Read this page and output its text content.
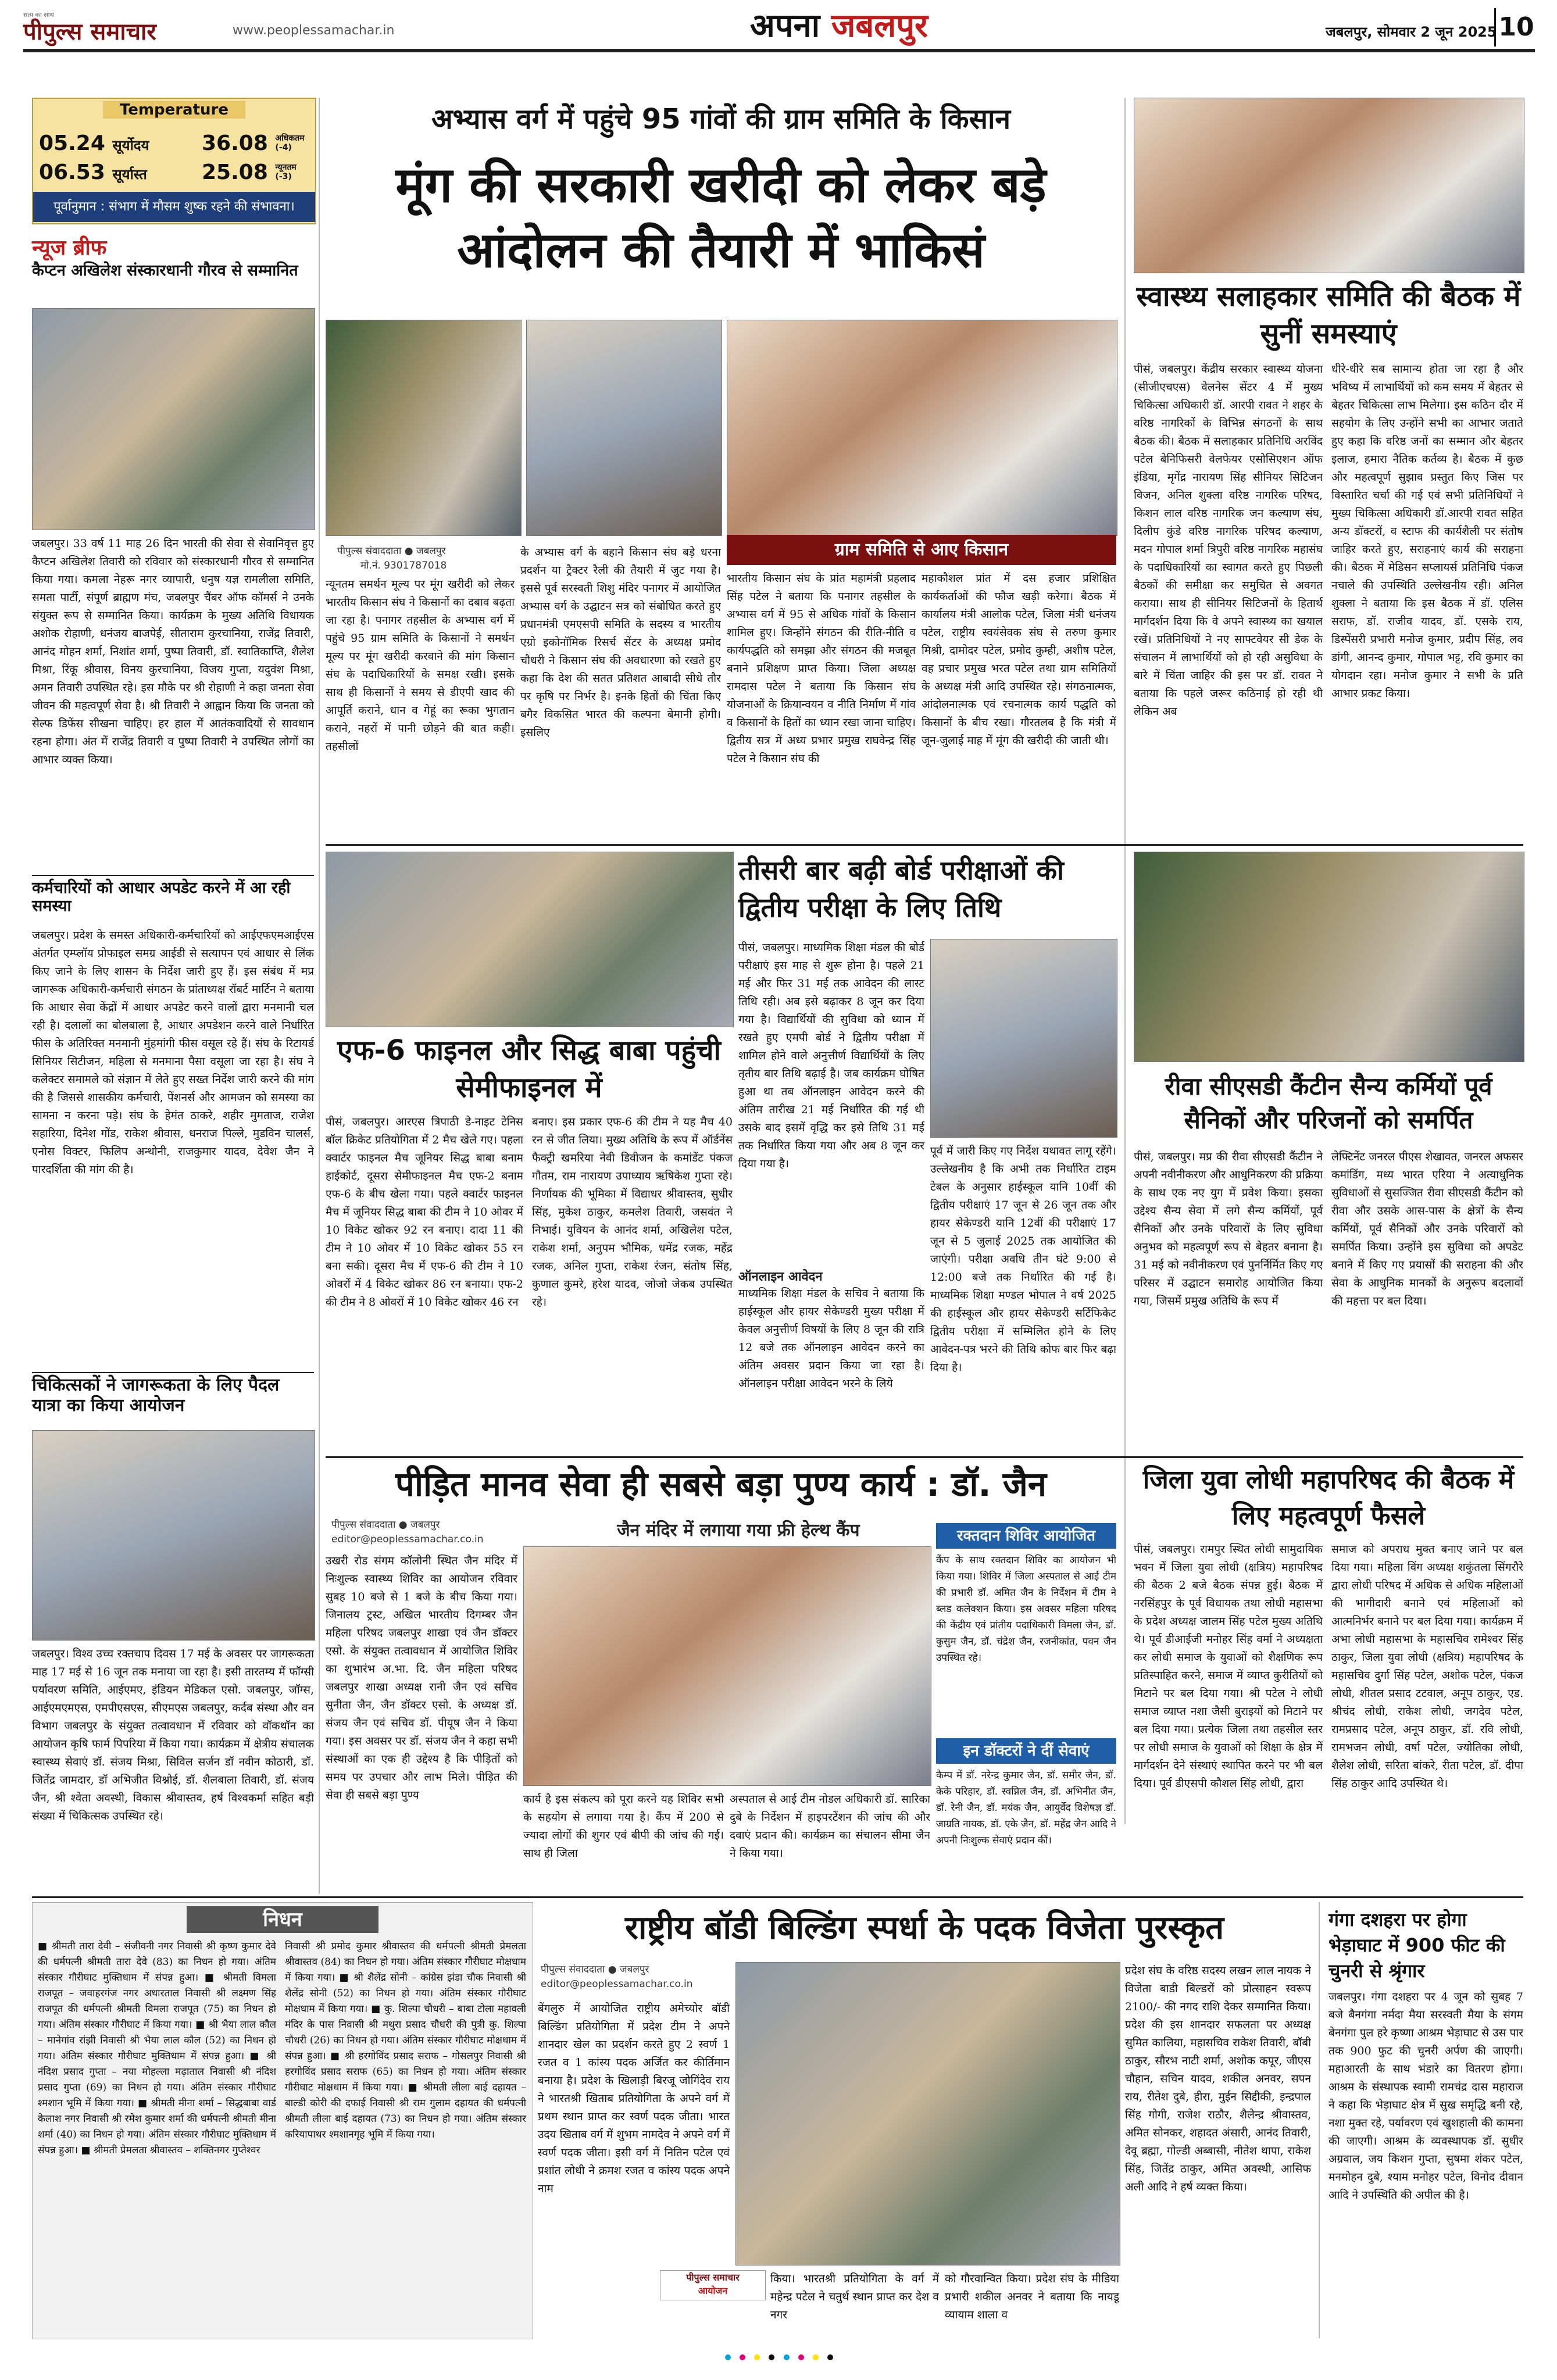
सत्य का साथ
पीपुल्स समाचार	www.peoplessamachar.in	अपना जबलपुर	जबलपुर, सोमवार 2 जून 2025 10
Temperature
05.24 सूर्योदय
06.53 सूर्यास्त
36.08 अधिकतम (-4)
25.08 न्यूनतम (-3)
पूर्वानुमान : संभाग में मौसम शुष्क रहने की संभावना।
न्यूज ब्रीफ
कैप्टन अखिलेश संस्कारधानी गौरव से सम्मानित
जबलपुर। 33 वर्ष 11 माह 26 दिन भारती की सेवा से सेवानिवृत्त हुए कैप्टन अखिलेश तिवारी को रविवार को संस्कारधानी गौरव से सम्मानित किया गया। कमला नेहरू नगर व्यापारी, धनुष यज्ञ रामलीला समिति, समता पार्टी, संपूर्ण ब्राह्मण मंच, जबलपुर चैंबर ऑफ कॉमर्स ने उनके संयुक्त रूप से सम्मानित किया। कार्यक्रम के मुख्य अतिथि विधायक अशोक रोहाणी, धनंजय बाजपेई, सीताराम कुरचानिया, राजेंद्र तिवारी, आनंद मोहन शर्मा, निशांत शर्मा, पुष्पा तिवारी, डॉ. स्वातिकाप्ति, शैलेश मिश्रा, रिंकू श्रीवास, विनय कुरचानिया, विजय गुप्ता, यदुवंश मिश्रा, अमन तिवारी उपस्थित रहे। इस मौके पर श्री रोहाणी ने कहा जनता सेवा जीवन की महत्वपूर्ण सेवा है। श्री तिवारी ने आह्वान किया कि जनता को सेल्फ डिफेंस सीखना चाहिए। हर हाल में आतंकवादियों से सावधान रहना होगा। अंत में राजेंद्र तिवारी व पुष्पा तिवारी ने उपस्थित लोगों का आभार व्यक्त किया।
कर्मचारियों को आधार अपडेट करने में आ रही समस्या
जबलपुर। प्रदेश के समस्त अधिकारी-कर्मचारियों को आईएफएमआईएस अंतर्गत एम्प्लॉय प्रोफाइल समग्र आईडी से सत्यापन एवं आधार से लिंक किए जाने के लिए शासन के निर्देश जारी हुए हैं। इस संबंध में मप्र जागरूक अधिकारी-कर्मचारी संगठन के प्रांताध्यक्ष रॉबर्ट मार्टिन ने बताया कि आधार सेवा केंद्रों में आधार अपडेट करने वालों द्वारा मनमानी चल रही है। दलालों का बोलबाला है, आधार अपडेशन करने वाले निर्धारित फीस के अतिरिक्त मनमानी मुंहमांगी फीस वसूल रहे हैं। संघ के रिटायर्ड सिनियर सिटीजन, महिला से मनमाना पैसा वसूला जा रहा है। संघ ने कलेक्टर समामले को संज्ञान में लेते हुए सख्त निर्देश जारी करने की मांग की है जिससे शासकीय कर्मचारी, पेंशनर्स और आमजन को समस्या का सामना न करना पड़े। संघ के हेमंत ठाकरे, शहीर मुमताज, राजेश सहारिया, दिनेश गोंड, राकेश श्रीवास, धनराज पिल्ले, मुडविन चालर्स, एनोस विक्टर, फिलिप अन्थोनी, राजकुमार यादव, देवेश जैन ने पारदर्शिता की मांग की है।
चिकित्सकों ने जागरूकता के लिए पैदल यात्रा का किया आयोजन
जबलपुर। विश्व उच्च रक्तचाप दिवस 17 मई के अवसर पर जागरूकता माह 17 मई से 16 जून तक मनाया जा रहा है। इसी तारतम्य में फॉग्सी पर्यावरण समिति, आईएमए, इंडियन मेडिकल एसो. जबलपुर, जॉग्स, आईएमएमएस, एमपीएसएस, सीएमएस जबलपुर, कर्दब संस्था और वन विभाग जबलपुर के संयुक्त तत्वावधान में रविवार को वॉकथॉन का आयोजन कृषि फार्म पिपरिया में किया गया। कार्यक्रम में क्षेत्रीय संचालक स्वास्थ्य सेवाएं डॉ. संजय मिश्रा, सिविल सर्जन डॉ नवीन कोठारी, डॉ. जितेंद्र जामदार, डॉ अभिजीत विश्नोई, डॉ. शैलबाला तिवारी, डॉ. संजय जैन, श्री श्वेता अवस्थी, विकास श्रीवास्तव, हर्ष विश्वकर्मा सहित बड़ी संख्या में चिकित्सक उपस्थित रहे।
अभ्यास वर्ग में पहुंचे 95 गांवों की ग्राम समिति के किसान
मूंग की सरकारी खरीदी को लेकर बड़े आंदोलन की तैयारी में भाकिसं
ग्राम समिति से आए किसान
पीपुल्स संवाददाता ● जबलपुर
मो.नं. 9301787018
न्यूनतम समर्थन मूल्य पर मूंग खरीदी को लेकर भारतीय किसान संघ ने किसानों का दबाव बढ़ता जा रहा है। पनागर तहसील के अभ्यास वर्ग में पहुंचे 95 ग्राम समिति के किसानों ने समर्थन मूल्य पर मूंग खरीदी करवाने की मांग किसान संघ के पदाधिकारियों के समक्ष रखी। इसके साथ ही किसानों ने समय से डीएपी खाद की आपूर्ति कराने, धान व गेहूं का रूका भुगतान कराने, नहरों में पानी छोड़ने की बात कही। तहसीलों
के अभ्यास वर्ग के बहाने किसान संघ बड़े धरना प्रदर्शन या ट्रैक्टर रैली की तैयारी में जुट गया है। इससे पूर्व सरस्वती शिशु मंदिर पनागर में आयोजित अभ्यास वर्ग के उद्घाटन सत्र को संबोधित करते हुए प्रधानमंत्री एमएसपी समिति के सदस्य व भारतीय एग्रो इकोनॉमिक रिसर्च सेंटर के अध्यक्ष प्रमोद चौधरी ने किसान संघ की अवधारणा को रखते हुए कहा कि देश की सतत प्रतिशत आबादी सीधे तौर पर कृषि पर निर्भर है। इनके हितों की चिंता किए बगैर विकसित भारत की कल्पना बेमानी होगी। इसलिए
भारतीय किसान संघ के प्रांत महामंत्री प्रहलाद सिंह पटेल ने बताया कि पनागर तहसील के अभ्यास वर्ग में 95 से अधिक गांवों के किसान शामिल हुए। जिन्होंने संगठन की रीति-नीति व कार्यपद्धति को समझा और संगठन की मजबूत बनाने प्रशिक्षण प्राप्त किया। जिला अध्यक्ष रामदास पटेल ने बताया कि किसान संघ योजनाओं के क्रियान्वयन व नीति निर्माण में गांव व किसानों के हितों का ध्यान रखा जाना चाहिए। द्वितीय सत्र में अध्य प्रभार प्रमुख राघवेन्द्र सिंह पटेल ने किसान संघ की
महाकौशल प्रांत में दस हजार प्रशिक्षित कार्यकर्ताओं की फौज खड़ी करेगा। बैठक में कार्यालय मंत्री आलोक पटेल, जिला मंत्री धनंजय पटेल, राष्ट्रीय स्वयंसेवक संघ से तरुण कुमार मिश्री, दामोदर पटेल, प्रमोद कुम्ही, अशीष पटेल, वह प्रचार प्रमुख भरत पटेल तथा ग्राम समितियों के अध्यक्ष मंत्री आदि उपस्थित रहे। संगठनात्मक, आंदोलनात्मक एवं रचनात्मक कार्य पद्धति को किसानों के बीच रखा। गौरतलब है कि मंत्री में जून-जुलाई माह में मूंग की खरीदी की जाती थी।
स्वास्थ्य सलाहकार समिति की बैठक में सुनीं समस्याएं
पीसं, जबलपुर। केंद्रीय सरकार स्वास्थ्य योजना (सीजीएचएस) वेलनेस सेंटर 4 में मुख्य चिकित्सा अधिकारी डॉ. आरपी रावत ने शहर के वरिष्ठ नागरिकों के विभिन्न संगठनों के साथ बैठक की। बैठक में सलाहकार प्रतिनिधि अरविंद पटेल बेनिफिसरी वेलफेयर एसोसिएशन ऑफ इंडिया, मृगेंद्र नारायण सिंह सीनियर सिटिजन विजन, अनिल शुक्ला वरिष्ठ नागरिक परिषद, किशन लाल वरिष्ठ नागरिक जन कल्याण संघ, दिलीप कुंडे वरिष्ठ नागरिक परिषद कल्याण, मदन गोपाल शर्मा त्रिपुरी वरिष्ठ नागरिक महासंघ के पदाधिकारियों का स्वागत करते हुए पिछली बैठकों की समीक्षा कर समुचित से अवगत कराया। साथ ही सीनियर सिटिजनों के हितार्थ मार्गदर्शन दिया कि वे अपने स्वास्थ्य का खयाल रखें। प्रतिनिधियों ने नए साफ्टवेयर सी डेक के संचालन में लाभार्थियों को हो रही असुविधा के बारे में चिंता जाहिर की इस पर डॉ. रावत ने बताया कि पहले जरूर कठिनाई हो रही थी लेकिन अब
धीरे-धीरे सब सामान्य होता जा रहा है और भविष्य में लाभार्थियों को कम समय में बेहतर से बेहतर चिकित्सा लाभ मिलेगा। इस कठिन दौर में सहयोग के लिए उन्होंने सभी का आभार जताते हुए कहा कि वरिष्ठ जनों का सम्मान और बेहतर इलाज, हमारा नैतिक कर्तव्य है। बैठक में कुछ और महत्वपूर्ण सुझाव प्रस्तुत किए जिस पर विस्तारित चर्चा की गई एवं सभी प्रतिनिधियों ने मुख्य चिकित्सा अधिकारी डॉ.आरपी रावत सहित अन्य डॉक्टरों, व स्टाफ की कार्यशैली पर संतोष जाहिर करते हुए, सराहनाएं कार्य की सराहना की। बैठक में मेडिसन सप्लायर्स प्रतिनिधि पंकज नचाले की उपस्थिति उल्लेखनीय रही। अनिल शुक्ला ने बताया कि इस बैठक में डॉ. एलिस सराफ, डॉ. राजीव यादव, डॉ. एसके राय, डिस्पेंसरी प्रभारी मनोज कुमार, प्रदीप सिंह, लव डांगी, आनन्द कुमार, गोपाल भट्ट, रवि कुमार का योगदान रहा। मनोज कुमार ने सभी के प्रति आभार प्रकट किया।
एफ-6 फाइनल और सिद्ध बाबा पहुंची सेमीफाइनल में
पीसं, जबलपुर। आरएस त्रिपाठी डे-नाइट टेनिस बॉल क्रिकेट प्रतियोगिता में 2 मैच खेले गए। पहला क्वार्टर फाइनल मैच जूनियर सिद्ध बाबा बनाम हाईकोर्ट, दूसरा सेमीफाइनल मैच एफ-2 बनाम एफ-6 के बीच खेला गया। पहले क्वार्टर फाइनल मैच में जूनियर सिद्ध बाबा की टीम ने 10 ओवर में 10 विकेट खोकर 92 रन बनाए। दादा 11 की टीम ने 10 ओवर में 10 विकेट खोकर 55 रन बना सकी। दूसरा मैच में एफ-6 की टीम ने 10 ओवरों में 4 विकेट खोकर 86 रन बनाया। एफ-2 की टीम ने 8 ओवरों में 10 विकेट खोकर 46 रन
बनाए। इस प्रकार एफ-6 की टीम ने यह मैच 40 रन से जीत लिया। मुख्य अतिथि के रूप में ऑर्डनेंस फैक्ट्री खमरिया नेवी डिवीजन के कमांडेंट पंकज गौतम, राम नारायण उपाध्याय ऋषिकेश गुप्ता रहे। निर्णायक की भूमिका में विद्याधर श्रीवास्तव, सुधीर सिंह, मुकेश ठाकुर, कमलेश तिवारी, जसवंत ने निभाई। युवियन के आनंद शर्मा, अखिलेश पटेल, राकेश शर्मा, अनुपम भौमिक, धमेंद्र रजक, महेंद्र रजक, अनिल गुप्ता, राकेश रंजन, संतोष सिंह, कुणाल कुमरे, हरेश यादव, जोजो जेकब उपस्थित रहे।
तीसरी बार बढ़ी बोर्ड परीक्षाओं की द्वितीय परीक्षा के लिए तिथि
पीसं, जबलपुर। माध्यमिक शिक्षा मंडल की बोर्ड परीक्षाएं इस माह से शुरू होना है। पहले 21 मई और फिर 31 मई तक आवेदन की लास्ट तिथि रही। अब इसे बढ़ाकर 8 जून कर दिया गया है। विद्यार्थियों की सुविधा को ध्यान में रखते हुए एमपी बोर्ड ने द्वितीय परीक्षा में शामिल होने वाले अनुत्तीर्ण विद्यार्थियों के लिए तृतीय बार तिथि बढ़ाई है। जब कार्यक्रम घोषित हुआ था तब ऑनलाइन आवेदन करने की अंतिम तारीख 21 मई निर्धारित की गई थी उसके बाद इसमें वृद्धि कर इसे तिथि 31 मई तक निर्धारित किया गया और अब 8 जून कर दिया गया है।
ऑनलाइन आवेदन
माध्यमिक शिक्षा मंडल के सचिव ने बताया कि हाईस्कूल और हायर सेकेण्डरी मुख्य परीक्षा में केवल अनुत्तीर्ण विषयों के लिए 8 जून की रात्रि 12 बजे तक ऑनलाइन आवेदन करने का अंतिम अवसर प्रदान किया जा रहा है। ऑनलाइन परीक्षा आवेदन भरने के लिये
पूर्व में जारी किए गए निर्देश यथावत लागू रहेंगे। उल्लेखनीय है कि अभी तक निर्धारित टाइम टेबल के अनुसार हाईस्कूल यानि 10वीं की द्वितीय परीक्षाएं 17 जून से 26 जून तक और हायर सेकेण्डरी यानि 12वीं की परीक्षाएं 17 जून से 5 जुलाई 2025 तक आयोजित की जाएंगी। परीक्षा अवधि तीन घंटे 9:00 से 12:00 बजे तक निर्धारित की गई है। माध्यमिक शिक्षा मण्डल भोपाल ने वर्ष 2025 की हाईस्कूल और हायर सेकेण्डरी सर्टिफिकेट द्वितीय परीक्षा में सम्मिलित होने के लिए आवेदन-पत्र भरने की तिथि कोफ बार फिर बढ़ा दिया है।
रीवा सीएसडी कैंटीन सैन्य कर्मियों पूर्व सैनिकों और परिजनों को समर्पित
पीसं, जबलपुर। मप्र की रीवा सीएसडी कैंटीन ने अपनी नवीनीकरण और आधुनिकरण की प्रक्रिया के साथ एक नए युग में प्रवेश किया। इसका उद्देश्य सैन्य सेवा में लगे सैन्य कर्मियों, पूर्व सैनिकों और उनके परिवारों के लिए सुविधा अनुभव को महत्वपूर्ण रूप से बेहतर बनाना है। 31 मई को नवीनीकरण एवं पुनर्निर्मित किए गए परिसर में उद्घाटन समारोह आयोजित किया गया, जिसमें प्रमुख अतिथि के रूप में
लेफ्टिनेंट जनरल पीएस शेखावत, जनरल अफसर कमांडिंग, मध्य भारत एरिया ने अत्याधुनिक सुविधाओं से सुसज्जित रीवा सीएसडी कैंटीन को रीवा और उसके आस-पास के क्षेत्रों के सैन्य कर्मियों, पूर्व सैनिकों और उनके परिवारों को समर्पित किया। उन्होंने इस सुविधा को अपडेट बनाने में किए गए प्रयासों की सराहना की और सेवा के आधुनिक मानकों के अनुरूप बदलावों की महत्ता पर बल दिया।
पीड़ित मानव सेवा ही सबसे बड़ा पुण्य कार्य : डॉ. जैन
पीपुल्स संवाददाता ● जबलपुर
editor@peoplessamachar.co.in	जैन मंदिर में लगाया गया फ्री हेल्थ कैंप
उखरी रोड संगम कॉलोनी स्थित जैन मंदिर में निःशुल्क स्वास्थ्य शिविर का आयोजन रविवार सुबह 10 बजे से 1 बजे के बीच किया गया। जिनालय ट्रस्ट, अखिल भारतीय दिगम्बर जैन महिला परिषद जबलपुर शाखा एवं जैन डॉक्टर एसो. के संयुक्त तत्वावधान में आयोजित शिविर का शुभारंभ अ.भा. दि. जैन महिला परिषद जबलपुर शाखा अध्यक्ष रानी जैन एवं सचिव सुनीता जैन, जैन डॉक्टर एसो. के अध्यक्ष डॉ. संजय जैन एवं सचिव डॉ. पीयूष जैन ने किया गया। इस अवसर पर डॉ. संजय जैन ने कहा सभी संस्थाओं का एक ही उद्देश्य है कि पीड़ितों को समय पर उपचार और लाभ मिले। पीड़ित की सेवा ही सबसे बड़ा पुण्य	कार्य है इस संकल्प को पूरा करने यह शिविर सभी के सहयोग से लगाया गया है। कैंप में 200 से ज्यादा लोगों की शुगर एवं बीपी की जांच की गई। साथ ही जिला
अस्पताल से आई टीम नोडल अधिकारी डॉ. सारिका दुबे के निर्देशन में हाइपरटेंशन की जांच की और दवाएं प्रदान की। कार्यक्रम का संचालन सीमा जैन ने किया गया।
रक्तदान शिविर आयोजित
कैंप के साथ रक्तदान शिविर का आयोजन भी किया गया। शिविर में जिला अस्पताल से आई टीम की प्रभारी डॉ. अमित जैन के निर्देशन में टीम ने ब्लड कलेक्शन किया। इस अवसर महिला परिषद की केंद्रीय एवं प्रांतीय पदाधिकारी विमला जैन, डॉ. कुसुम जैन, डॉ. चंद्रेश जैन, रजनीकांत, पवन जैन उपस्थित रहे।
इन डॉक्टरों ने दीं सेवाएं
कैम्प में डॉ. नरेन्द्र कुमार जैन, डॉ. समीर जैन, डॉ. केके परिहार, डॉ. स्वप्निल जैन, डॉ. अभिनीत जैन, डॉ. रेनी जैन, डॉ. मयंक जैन, आयुर्वेद विशेषज्ञ डॉ. जाग्रति नायक, डॉ. एके जैन, डॉ. महेंद्र जैन आदि ने अपनी निःशुल्क सेवाएं प्रदान कीं।
जिला युवा लोधी महापरिषद की बैठक में लिए महत्वपूर्ण फैसले
पीसं, जबलपुर। रामपुर स्थित लोधी सामुदायिक भवन में जिला युवा लोधी (क्षत्रिय) महापरिषद की बैठक 2 बजे बैठक संपन्न हुई। बैठक में नरसिंहपुर के पूर्व विधायक तथा लोधी महासभा के प्रदेश अध्यक्ष जालम सिंह पटेल मुख्य अतिथि थे। पूर्व डीआईजी मनोहर सिंह वर्मा ने अध्यक्षता कर लोधी समाज के युवाओं को शैक्षणिक रूप प्रतिस्पाहित करने, समाज में व्याप्त कुरीतियों को मिटाने पर बल दिया गया। श्री पटेल ने लोधी समाज व्याप्त नशा जैसी बुराइयों को मिटाने पर बल दिया गया। प्रत्येक जिला तथा तहसील स्तर पर लोधी समाज के युवाओं को शिक्षा के क्षेत्र में मार्गदर्शन देने संस्थाएं स्थापित करने पर भी बल दिया। पूर्व डीएसपी कौशल सिंह लोधी, द्वारा
समाज को अपराध मुक्त बनाए जाने पर बल दिया गया। महिला विंग अध्यक्ष शकुंतला सिंगरौरे द्वारा लोधी परिषद में अधिक से अधिक महिलाओं की भागीदारी बनाने एवं महिलाओं को आत्मनिर्भर बनाने पर बल दिया गया। कार्यक्रम में अभा लोधी महासभा के महासचिव रामेश्वर सिंह ठाकुर, जिला युवा लोधी (क्षत्रिय) महापरिषद के महासचिव दुर्गा सिंह पटेल, अशोक पटेल, पंकज लोधी, शीतल प्रसाद टटवाल, अनूप ठाकुर, एड. श्रीचंद लोधी, राकेश लोधी, जगदेव पटेल, रामप्रसाद पटेल, अनूप ठाकुर, डॉ. रवि लोधी, रामभजन लोधी, वर्षा पटेल, ज्योतिका लोधी, शैलेश लोधी, सरिता बांकरे, रीता पटेल, डॉ. दीपा सिंह ठाकुर आदि उपस्थित थे।
निधन
■ श्रीमती तारा देवी – संजीवनी नगर निवासी श्री कृष्ण कुमार देवे की धर्मपत्नी श्रीमती तारा देवे (83) का निधन हो गया। अंतिम संस्कार गौरीघाट मुक्तिधाम में संपन्न हुआ। ■ श्रीमती विमला राजपूत – जवाहरगंज नगर अधारताल निवासी श्री लक्ष्मण सिंह राजपूत की धर्मपत्नी श्रीमती विमला राजपूत (75) का निधन हो गया। अंतिम संस्कार गौरीघाट में किया गया। ■ श्री भैया लाल कौल – मानेगांव रांझी निवासी श्री भैया लाल कौल (52) का निधन हो गया। अंतिम संस्कार गौरीघाट मुक्तिधाम में संपन्न हुआ। ■ श्री नंदिश प्रसाद गुप्ता – नया मोहल्ला मढ़ाताल निवासी श्री नंदिश प्रसाद गुप्ता (69) का निधन हो गया। अंतिम संस्कार गौरीघाट श्मशान भूमि में किया गया। ■ श्रीमती मीना शर्मा – सिद्धबाबा वार्ड केलाश नगर निवासी श्री रमेश कुमार शर्मा की धर्मपत्नी श्रीमती मीना शर्मा (40) का निधन हो गया। अंतिम संस्कार गौरीघाट मुक्तिधाम में संपन्न हुआ। ■ श्रीमती प्रेमलता श्रीवास्तव – शक्तिनगर गुप्तेश्वर
निवासी श्री प्रमोद कुमार श्रीवास्तव की धर्मपत्नी श्रीमती प्रेमलता श्रीवास्तव (84) का निधन हो गया। अंतिम संस्कार गौरीघाट मोक्षधाम में किया गया। ■ श्री शैलेंद्र सोनी – कांग्रेस झंडा चौक निवासी श्री शैलेंद्र सोनी (52) का निधन हो गया। अंतिम संस्कार गौरीघाट मोक्षधाम में किया गया। ■ कु. शिल्पा चौधरी – बाबा टोला महावली मंदिर के पास निवासी श्री मथुरा प्रसाद चौधरी की पुत्री कु. शिल्पा चौधरी (26) का निधन हो गया। अंतिम संस्कार गौरीघाट मोक्षधाम में संपन्न हुआ। ■ श्री हरगोविंद प्रसाद सराफ – गोसलपुर निवासी श्री हरगोविंद प्रसाद सराफ (65) का निधन हो गया। अंतिम संस्कार गौरीघाट मोक्षधाम में किया गया। ■ श्रीमती लीला बाई दहायत – बाल्डी कोरी की दफाई निवासी श्री राम गुलाम दहायत की धर्मपत्नी श्रीमती लीला बाई दहायत (73) का निधन हो गया। अंतिम संस्कार करियापाथर श्मशानगृह भूमि में किया गया।
राष्ट्रीय बॉडी बिल्डिंग स्पर्धा के पदक विजेता पुरस्कृत
पीपुल्स संवाददाता ● जबलपुर
editor@peoplessamachar.co.in
बेंगलुरु में आयोजित राष्ट्रीय अमेच्योर बॉडी बिल्डिंग प्रतियोगिता में प्रदेश टीम ने अपने शानदार खेल का प्रदर्शन करते हुए 2 स्वर्ण 1 रजत व 1 कांस्य पदक अर्जित कर कीर्तिमान बनाया है। प्रदेश के खिलाड़ी बिरजू जोगिंदेव राय ने भारतश्री खिताब प्रतियोगिता के अपने वर्ग में प्रथम स्थान प्राप्त कर स्वर्ण पदक जीता। भारत उदय खिताब वर्ग में शुभम नामदेव ने अपने वर्ग में स्वर्ण पदक जीता। इसी वर्ग में नितिन पटेल एवं प्रशांत लोधी ने क्रमश रजत व कांस्य पदक अपने नाम
पीपुल्स समाचार
आयोजन
किया। भारतश्री प्रतियोगिता के वर्ग में महेन्द्र पटेल ने चतुर्थ स्थान प्राप्त कर देश व नगर
को गौरवान्वित किया। प्रदेश संघ के मीडिया प्रभारी शकील अनवर ने बताया कि नायडू व्यायाम शाला व
प्रदेश संघ के वरिष्ठ सदस्य लखन लाल नायक ने विजेता बाडी बिल्डरों को प्रोत्साहन स्वरूप 2100/- की नगद राशि देकर सम्मानित किया। प्रदेश की इस शानदार सफलता पर अध्यक्ष सुमित कालिया, महासचिव राकेश तिवारी, बॉबी ठाकुर, सौरभ नाटी शर्मा, अशोक कपूर, जीएस चौहान, सचिन यादव, शकील अनवर, सपन राय, रीतेश दुबे, हीरा, मुईन सिद्दीकी, इन्द्रपाल सिंह गोगी, राजेश राठौर, शैलेन्द्र श्रीवास्तव, अमित सोनकर, शहादत अंसारी, आनंद तिवारी, देवू ब्रह्मा, गोल्डी अब्बासी, नीतेश थापा, राकेश सिंह, जितेंद्र ठाकुर, अमित अवस्थी, आसिफ अली आदि ने हर्ष व्यक्त किया।
गंगा दशहरा पर होगा भेड़ाघाट में 900 फीट की चुनरी से श्रृंगार
जबलपुर। गंगा दशहरा पर 4 जून को सुबह 7 बजे बैनगंगा नर्मदा मैया सरस्वती मैया के संगम बेनगंगा पुल हरे कृष्णा आश्रम भेड़ाघाट से उस पार तक 900 फुट की चुनरी अर्पण की जाएगी। महाआरती के साथ भंडारे का वितरण होगा। आश्रम के संस्थापक स्वामी रामचंद्र दास महाराज ने कहा कि भेड़ाघाट क्षेत्र में सुख समृद्धि बनी रहे, नशा मुक्त रहे, पर्यावरण एवं खुशहाली की कामना की जाएगी। आश्रम के व्यवस्थापक डॉ. सुधीर अग्रवाल, जय किशन गुप्ता, सुषमा शंकर पटेल, मनमोहन दुबे, श्याम मनोहर पटेल, विनोद दीवान आदि ने उपस्थिति की अपील की है।
